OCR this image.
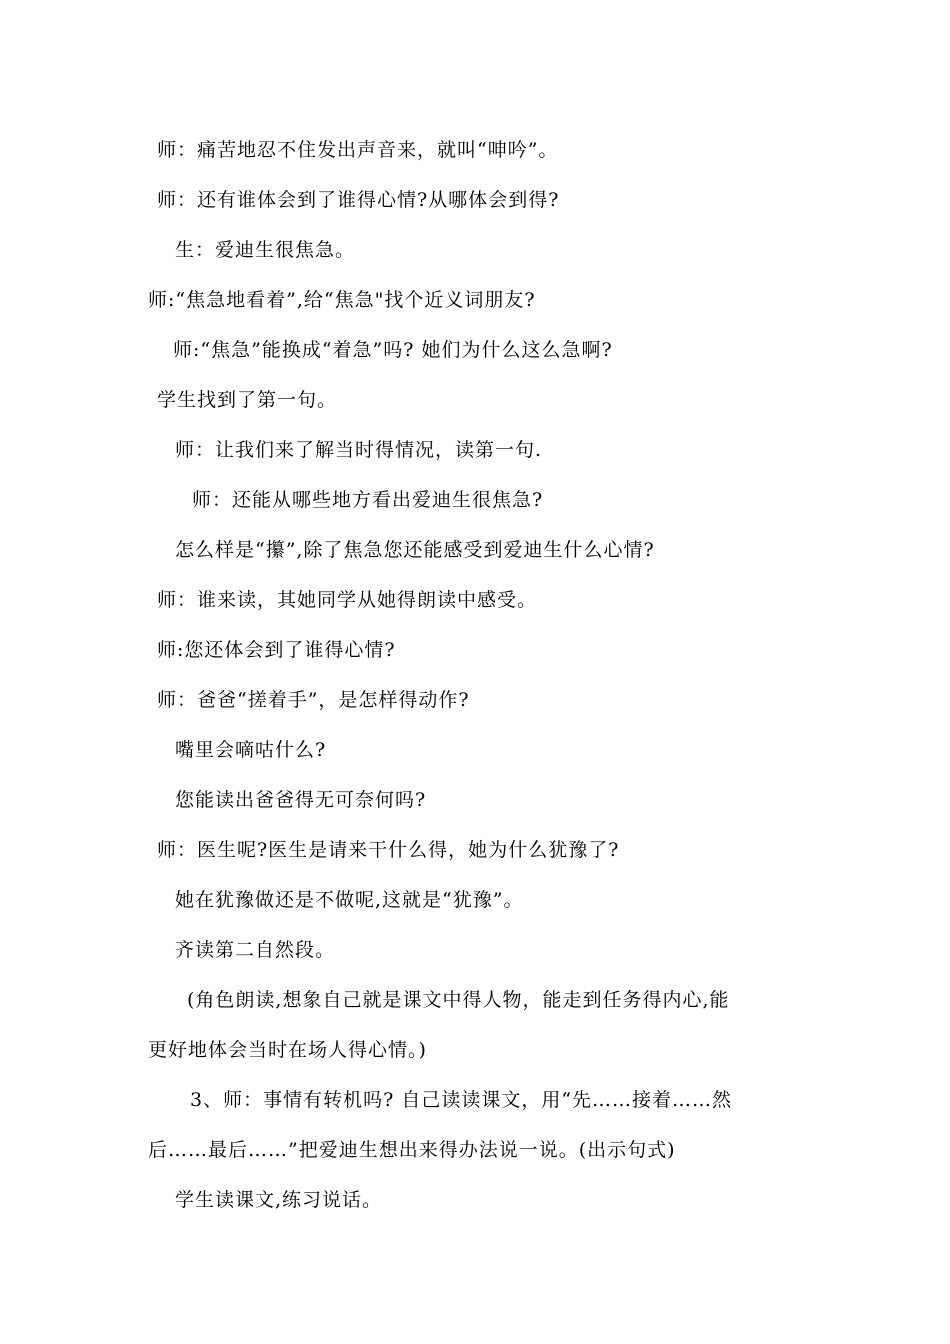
师：痛苦地忍不住发出声音来，就叫“呻吟”。
师：还有谁体会到了谁得心情?从哪体会到得?
生：爱迪生很焦急。
师:“焦急地看着”,给“焦急"找个近义词朋友?
师:“焦急”能换成“着急”吗? 她们为什么这么急啊?
学生找到了第一句。
师：让我们来了解当时得情况，读第一句.
师：还能从哪些地方看出爱迪生很焦急?
怎么样是“攥”,除了焦急您还能感受到爱迪生什么心情?
师：谁来读，其她同学从她得朗读中感受。
师:您还体会到了谁得心情?
师：爸爸“搓着手”，是怎样得动作?
嘴里会嘀咕什么?
您能读出爸爸得无可奈何吗?
师：医生呢?医生是请来干什么得，她为什么犹豫了?
她在犹豫做还是不做呢,这就是“犹豫”。
齐读第二自然段。
(角色朗读,想象自己就是课文中得人物，能走到任务得内心,能
更好地体会当时在场人得心情。)
3、师：事情有转机吗? 自己读读课文，用“先……接着……然
后……最后……”把爱迪生想出来得办法说一说。(出示句式)
学生读课文,练习说话。
